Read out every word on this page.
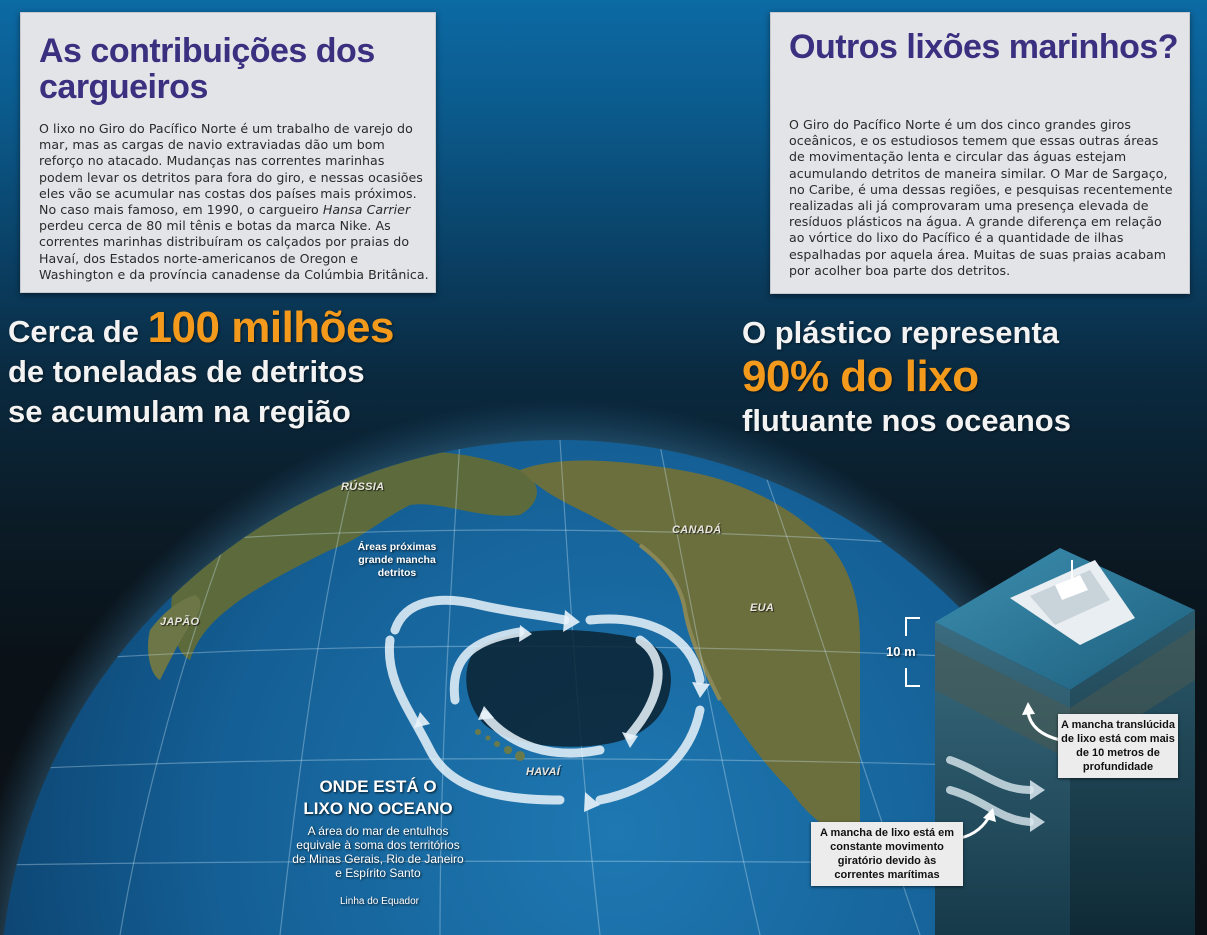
As contribuições dos cargueiros

O lixo no Giro do Pacífico Norte é um trabalho de varejo do mar, mas as cargas de navio extraviadas dão um bom reforço no atacado. Mudanças nas correntes marinhas podem levar os detritos para fora do giro, e nessas ocasiões eles vão se acumular nas costas dos países mais próximos. No caso mais famoso, em 1990, o cargueiro Hansa Carrier perdeu cerca de 80 mil tênis e botas da marca Nike. As correntes marinhas distribuíram os calçados por praias do Havaí, dos Estados norte-americanos de Oregon e Washington e da província canadense da Colúmbia Britânica.

Outros lixões marinhos?

O Giro do Pacífico Norte é um dos cinco grandes giros oceânicos, e os estudiosos temem que essas outras áreas de movimentação lenta e circular das águas estejam acumulando detritos de maneira similar. O Mar de Sargaço, no Caribe, é uma dessas regiões, e pesquisas recentemente realizadas ali já comprovaram uma presença elevada de resíduos plásticos na água. A grande diferença em relação ao vórtice do lixo do Pacífico é a quantidade de ilhas espalhadas por aquela área. Muitas de suas praias acabam por acolher boa parte dos detritos.

Cerca de 100 milhões
de toneladas de detritos
se acumulam na região
O plástico representa
90% do lixo
flutuante nos oceanos
RÚSSIA
CANADÁ
EUA
JAPÃO
HAVAÍ
Áreas próximas
grande mancha
detritos
ONDE ESTÁ O
LIXO NO OCEANO
A área do mar de entulhos
equivale à soma dos territórios
de Minas Gerais, Rio de Janeiro
e Espírito Santo
Linha do Equador
10 m
A mancha translúcida de lixo está com mais de 10 metros de profundidade
A mancha de lixo está em constante movimento giratório devido às correntes marítimas
